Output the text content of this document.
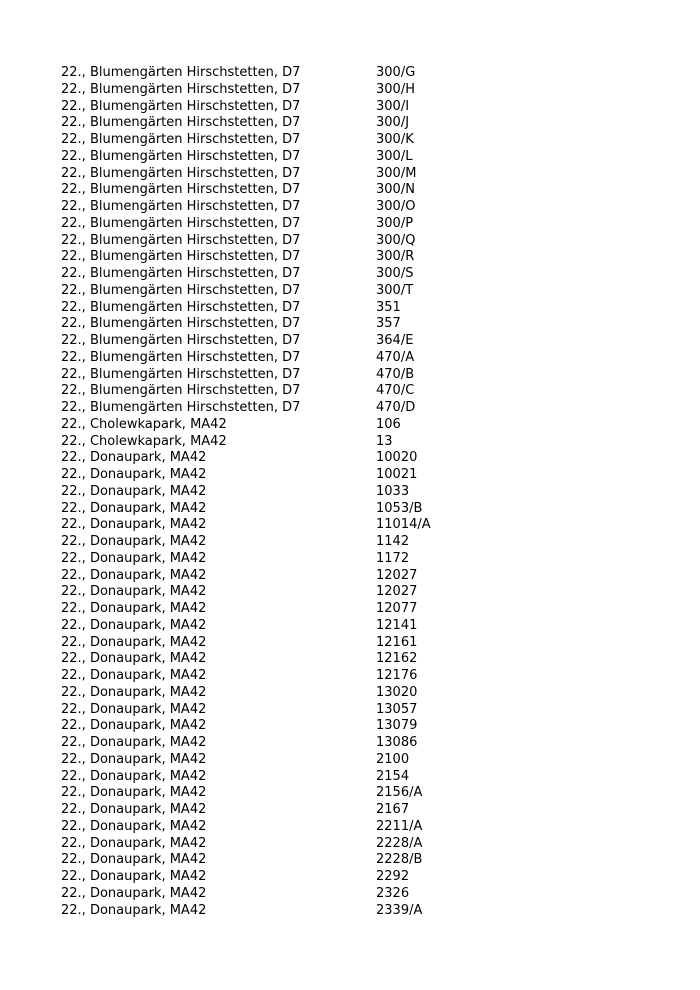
22., Blumengärten Hirschstetten, D7	300/G
22., Blumengärten Hirschstetten, D7	300/H
22., Blumengärten Hirschstetten, D7	300/I
22., Blumengärten Hirschstetten, D7	300/J
22., Blumengärten Hirschstetten, D7	300/K
22., Blumengärten Hirschstetten, D7	300/L
22., Blumengärten Hirschstetten, D7	300/M
22., Blumengärten Hirschstetten, D7	300/N
22., Blumengärten Hirschstetten, D7	300/O
22., Blumengärten Hirschstetten, D7	300/P
22., Blumengärten Hirschstetten, D7	300/Q
22., Blumengärten Hirschstetten, D7	300/R
22., Blumengärten Hirschstetten, D7	300/S
22., Blumengärten Hirschstetten, D7	300/T
22., Blumengärten Hirschstetten, D7	351
22., Blumengärten Hirschstetten, D7	357
22., Blumengärten Hirschstetten, D7	364/E
22., Blumengärten Hirschstetten, D7	470/A
22., Blumengärten Hirschstetten, D7	470/B
22., Blumengärten Hirschstetten, D7	470/C
22., Blumengärten Hirschstetten, D7	470/D
22., Cholewkapark, MA42	106
22., Cholewkapark, MA42	13
22., Donaupark, MA42	10020
22., Donaupark, MA42	10021
22., Donaupark, MA42	1033
22., Donaupark, MA42	1053/B
22., Donaupark, MA42	11014/A
22., Donaupark, MA42	1142
22., Donaupark, MA42	1172
22., Donaupark, MA42	12027
22., Donaupark, MA42	12027
22., Donaupark, MA42	12077
22., Donaupark, MA42	12141
22., Donaupark, MA42	12161
22., Donaupark, MA42	12162
22., Donaupark, MA42	12176
22., Donaupark, MA42	13020
22., Donaupark, MA42	13057
22., Donaupark, MA42	13079
22., Donaupark, MA42	13086
22., Donaupark, MA42	2100
22., Donaupark, MA42	2154
22., Donaupark, MA42	2156/A
22., Donaupark, MA42	2167
22., Donaupark, MA42	2211/A
22., Donaupark, MA42	2228/A
22., Donaupark, MA42	2228/B
22., Donaupark, MA42	2292
22., Donaupark, MA42	2326
22., Donaupark, MA42	2339/A
